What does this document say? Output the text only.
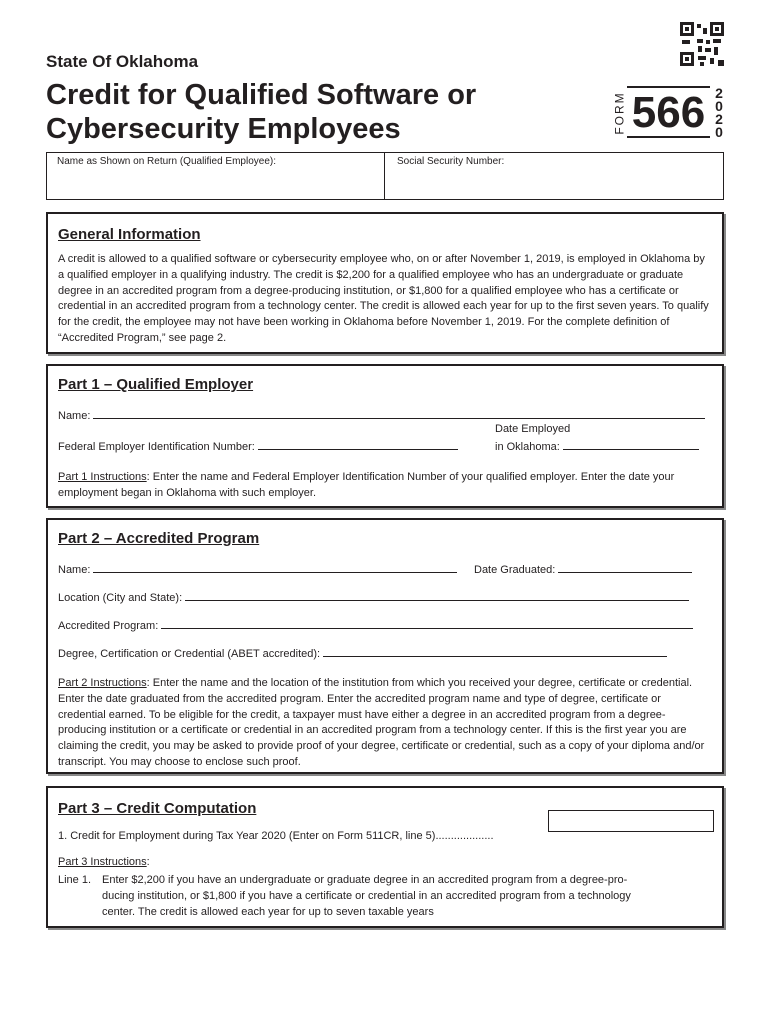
State Of Oklahoma
Credit for Qualified Software or
Cybersecurity Employees	FORM 566 2
0
2
0
Name as Shown on Return (Qualified Employee):	Social Security Number:
General Information
A credit is allowed to a qualified software or cybersecurity employee who, on or after November 1, 2019, is employed in Oklahoma by a qualified employer in a qualifying industry. The credit is $2,200 for a qualified employee who has an undergraduate or graduate degree in an accredited program from a degree-producing institution, or $1,800 for a qualified employee who has a certificate or credential in an accredited program from a technology center. The credit is allowed each year for up to the first seven years. To qualify for the credit, the employee may not have been working in Oklahoma before November 1, 2019. For the complete definition of “Accredited Program,” see page 2.
Part 1 – Qualified Employer
Name:
Date Employed
Federal Employer Identification Number:	in Oklahoma:
Part 1 Instructions: Enter the name and Federal Employer Identification Number of your qualified employer. Enter the date your employment began in Oklahoma with such employer.
Part 2 – Accredited Program
Name:	Date Graduated:
Location (City and State):
Accredited Program:
Degree, Certification or Credential (ABET accredited):
Part 2 Instructions: Enter the name and the location of the institution from which you received your degree, certificate or credential. Enter the date graduated from the accredited program. Enter the accredited program name and type of degree, certificate or credential earned. To be eligible for the credit, a taxpayer must have either a degree in an accredited program from a degree-producing institution or a certificate or credential in an accredited program from a technology center. If this is the first year you are claiming the credit, you may be asked to provide proof of your degree, certificate or credential, such as a copy of your diploma and/or transcript. You may choose to enclose such proof.
Part 3 – Credit Computation
1. Credit for Employment during Tax Year 2020 (Enter on Form 511CR, line 5)...................
Part 3 Instructions:
Line 1. Enter $2,200 if you have an undergraduate or graduate degree in an accredited program from a degree-pro-
ducing institution, or $1,800 if you have a certificate or credential in an accredited program from a technology
center. The credit is allowed each year for up to seven taxable years
